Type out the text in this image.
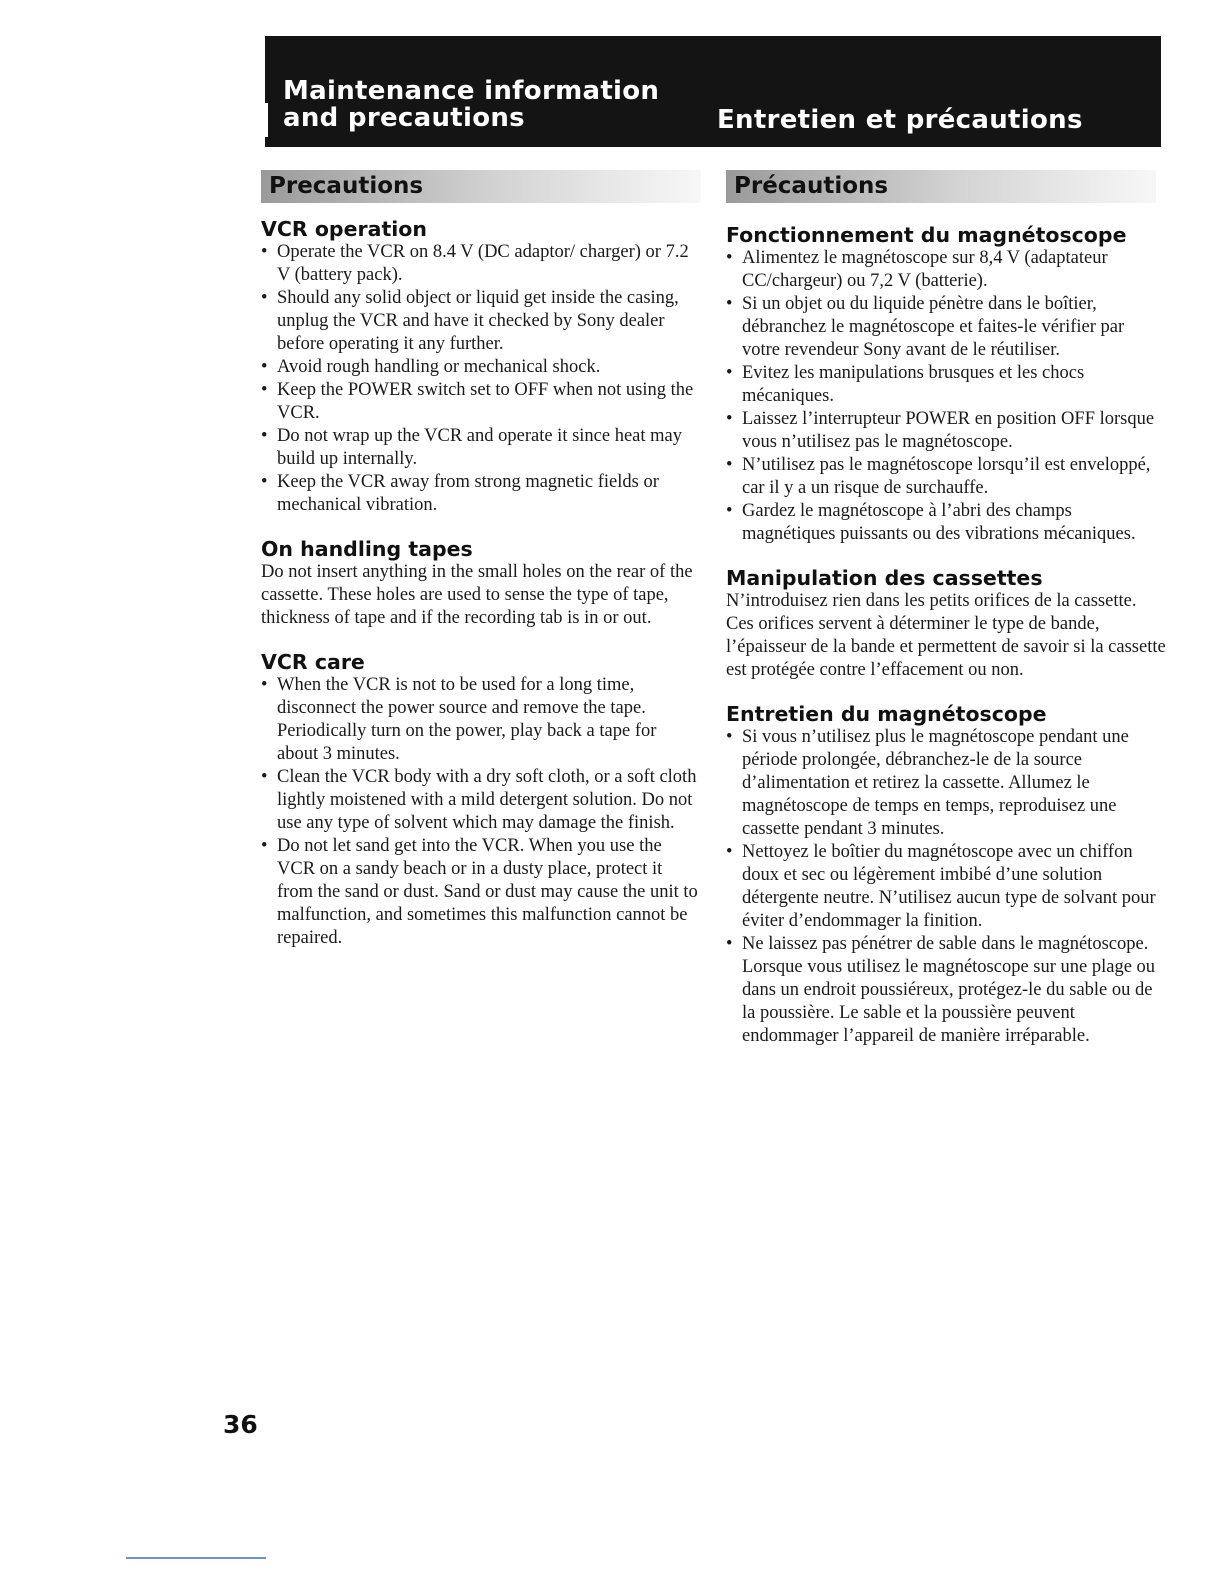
Maintenance information
and precautions	Entretien et précautions
Precautions
VCR operation
• Operate the VCR on 8.4 V (DC adaptor/ charger) or 7.2 V (battery pack).
• Should any solid object or liquid get inside the casing, unplug the VCR and have it checked by Sony dealer before operating it any further.
• Avoid rough handling or mechanical shock.
• Keep the POWER switch set to OFF when not using the VCR.
• Do not wrap up the VCR and operate it since heat may build up internally.
• Keep the VCR away from strong magnetic fields or mechanical vibration.
On handling tapes

Do not insert anything in the small holes on the rear of the cassette. These holes are used to sense the type of tape, thickness of tape and if the recording tab is in or out.

VCR care
• When the VCR is not to be used for a long time, disconnect the power source and remove the tape. Periodically turn on the power, play back a tape for about 3 minutes.
• Clean the VCR body with a dry soft cloth, or a soft cloth lightly moistened with a mild detergent solution. Do not use any type of solvent which may damage the finish.
• Do not let sand get into the VCR. When you use the VCR on a sandy beach or in a dusty place, protect it from the sand or dust. Sand or dust may cause the unit to malfunction, and sometimes this malfunction cannot be repaired.
Précautions
Fonctionnement du magnétoscope
• Alimentez le magnétoscope sur 8,4 V (adaptateur CC/chargeur) ou 7,2 V (batterie).
• Si un objet ou du liquide pénètre dans le boîtier, débranchez le magnétoscope et faites-le vérifier par votre revendeur Sony avant de le réutiliser.
• Evitez les manipulations brusques et les chocs mécaniques.
• Laissez l’interrupteur POWER en position OFF lorsque vous n’utilisez pas le magnétoscope.
• N’utilisez pas le magnétoscope lorsqu’il est enveloppé, car il y a un risque de surchauffe.
• Gardez le magnétoscope à l’abri des champs magnétiques puissants ou des vibrations mécaniques.
Manipulation des cassettes

N’introduisez rien dans les petits orifices de la cassette. Ces orifices servent à déterminer le type de bande, l’épaisseur de la bande et permettent de savoir si la cassette est protégée contre l’effacement ou non.

Entretien du magnétoscope
• Si vous n’utilisez plus le magnétoscope pendant une période prolongée, débranchez-le de la source d’alimentation et retirez la cassette. Allumez le magnétoscope de temps en temps, reproduisez une cassette pendant 3 minutes.
• Nettoyez le boîtier du magnétoscope avec un chiffon doux et sec ou légèrement imbibé d’une solution détergente neutre. N’utilisez aucun type de solvant pour éviter d’endommager la finition.
• Ne laissez pas pénétrer de sable dans le magnétoscope. Lorsque vous utilisez le magnétoscope sur une plage ou dans un endroit poussiéreux, protégez-le du sable ou de la poussière. Le sable et la poussière peuvent endommager l’appareil de manière irréparable.
36
